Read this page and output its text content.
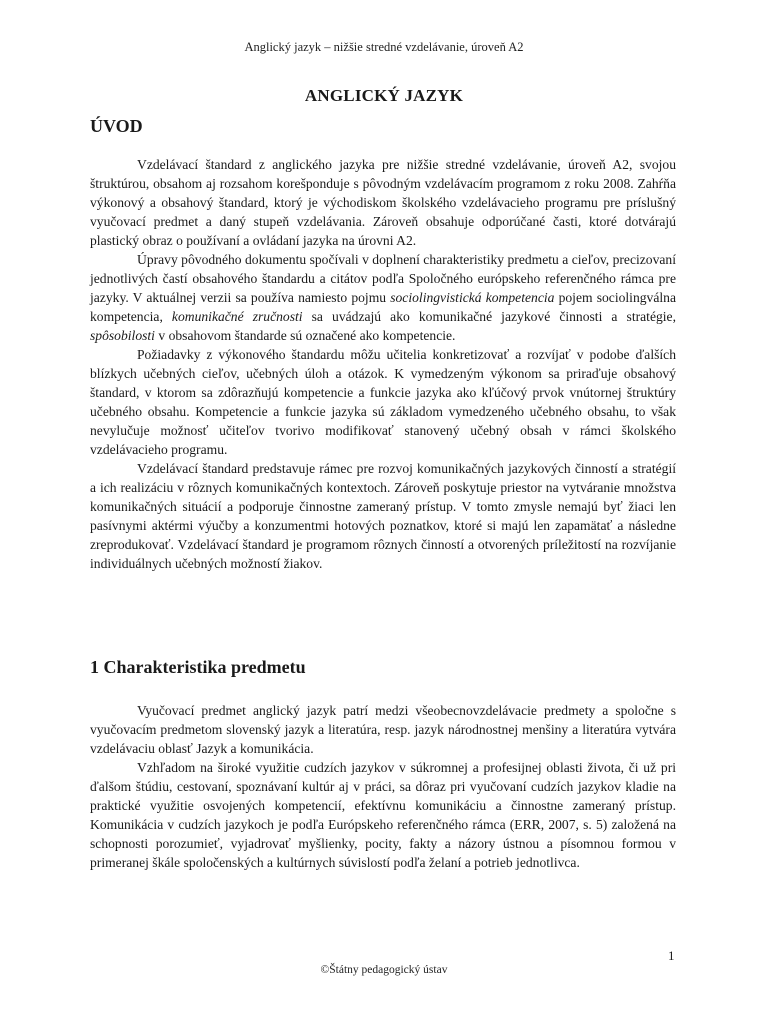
Anglický jazyk – nižšie stredné vzdelávanie, úroveň A2
ANGLICKÝ JAZYK
ÚVOD

Vzdelávací štandard z anglického jazyka pre nižšie stredné vzdelávanie, úroveň A2, svojou štruktúrou, obsahom aj rozsahom korešponduje s pôvodným vzdelávacím programom z roku 2008. Zahŕňa výkonový a obsahový štandard, ktorý je východiskom školského vzdelávacieho programu pre príslušný vyučovací predmet a daný stupeň vzdelávania. Zároveň obsahuje odporúčané časti, ktoré dotvárajú plastický obraz o používaní a ovládaní jazyka na úrovni A2.

Úpravy pôvodného dokumentu spočívali v doplnení charakteristiky predmetu a cieľov, precizovaní jednotlivých častí obsahového štandardu a citátov podľa Spoločného európskeho referenčného rámca pre jazyky. V aktuálnej verzii sa používa namiesto pojmu sociolingvistická kompetencia pojem sociolingválna kompetencia, komunikačné zručnosti sa uvádzajú ako komunikačné jazykové činnosti a stratégie, spôsobilosti v obsahovom štandarde sú označené ako kompetencie.

Požiadavky z výkonového štandardu môžu učitelia konkretizovať a rozvíjať v podobe ďalších blízkych učebných cieľov, učebných úloh a otázok. K vymedzeným výkonom sa priraďuje obsahový štandard, v ktorom sa zdôrazňujú kompetencie a funkcie jazyka ako kľúčový prvok vnútornej štruktúry učebného obsahu. Kompetencie a funkcie jazyka sú základom vymedzeného učebného obsahu, to však nevylučuje možnosť učiteľov tvorivo modifikovať stanovený učebný obsah v rámci školského vzdelávacieho programu.

Vzdelávací štandard predstavuje rámec pre rozvoj komunikačných jazykových činností a stratégií a ich realizáciu v rôznych komunikačných kontextoch. Zároveň poskytuje priestor na vytváranie množstva komunikačných situácií a podporuje činnostne zameraný prístup. V tomto zmysle nemajú byť žiaci len pasívnymi aktérmi výučby a konzumentmi hotových poznatkov, ktoré si majú len zapamätať a následne zreprodukovať. Vzdelávací štandard je programom rôznych činností a otvorených príležitostí na rozvíjanie individuálnych učebných možností žiakov.

1 Charakteristika predmetu

Vyučovací predmet anglický jazyk patrí medzi všeobecnovzdelávacie predmety a spoločne s vyučovacím predmetom slovenský jazyk a literatúra, resp. jazyk národnostnej menšiny a literatúra vytvára vzdelávaciu oblasť Jazyk a komunikácia.

Vzhľadom na široké využitie cudzích jazykov v súkromnej a profesijnej oblasti života, či už pri ďalšom štúdiu, cestovaní, spoznávaní kultúr aj v práci, sa dôraz pri vyučovaní cudzích jazykov kladie na praktické využitie osvojených kompetencií, efektívnu komunikáciu a činnostne zameraný prístup. Komunikácia v cudzích jazykoch je podľa Európskeho referenčného rámca (ERR, 2007, s. 5) založená na schopnosti porozumieť, vyjadrovať myšlienky, pocity, fakty a názory ústnou a písomnou formou v primeranej škále spoločenských a kultúrnych súvislostí podľa želaní a potrieb jednotlivca.

1
©Štátny pedagogický ústav
